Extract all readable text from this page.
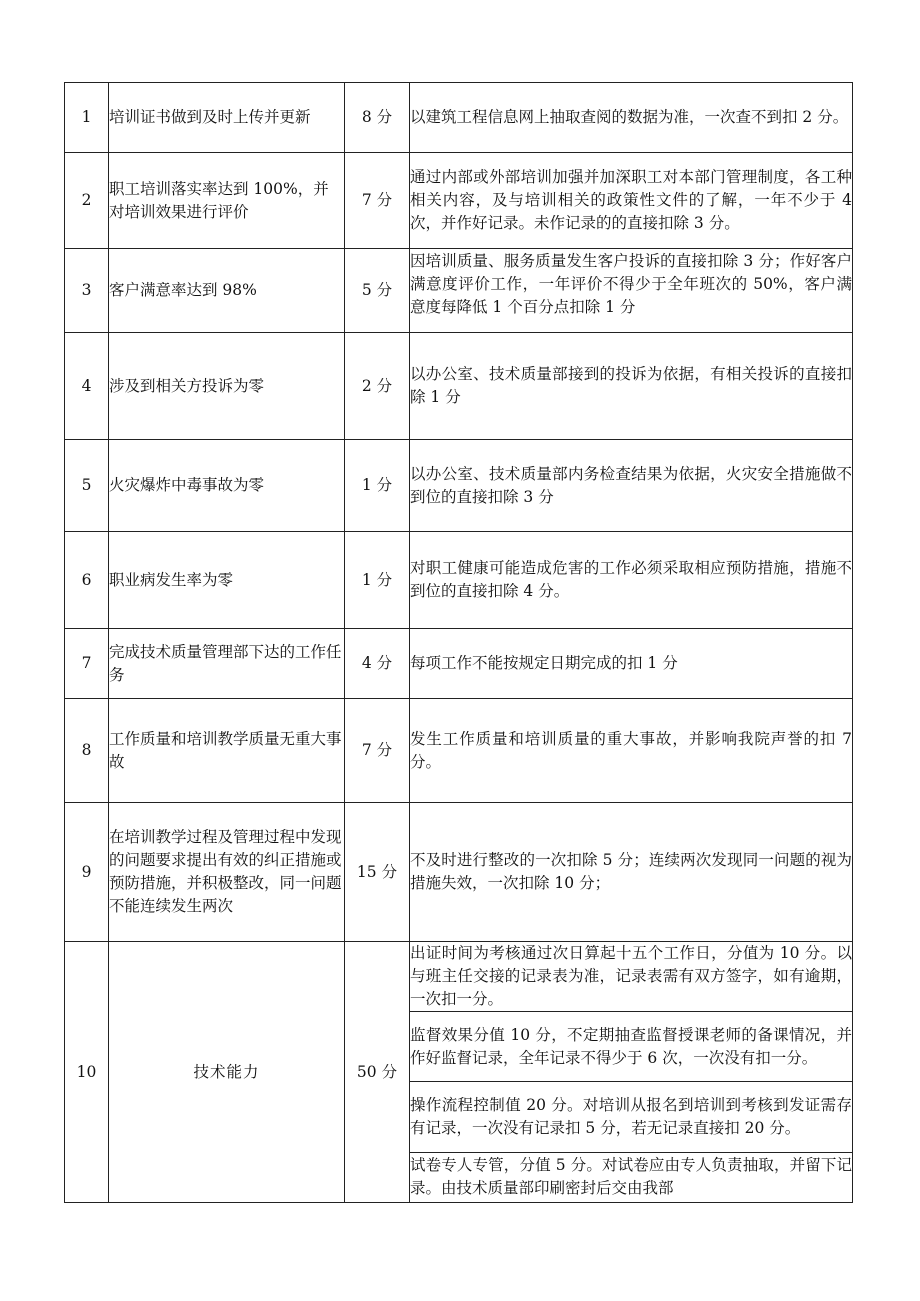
1	培训证书做到及时上传并更新	8 分	以建筑工程信息网上抽取查阅的数据为准，一次查不到扣 2 分。
2	职工培训落实率达到 100%，并对培训效果进行评价	7 分	通过内部或外部培训加强并加深职工对本部门管理制度，各工种相关内容，及与培训相关的政策性文件的了解，一年不少于 4 次，并作好记录。未作记录的的直接扣除 3 分。
3	客户满意率达到 98%	5 分	因培训质量、服务质量发生客户投诉的直接扣除 3 分；作好客户满意度评价工作，一年评价不得少于全年班次的 50%，客户满意度每降低 1 个百分点扣除 1 分

4	涉及到相关方投诉为零	2 分	以办公室、技术质量部接到的投诉为依据，有相关投诉的直接扣除 1 分
5	火灾爆炸中毒事故为零	1 分	以办公室、技术质量部内务检查结果为依据，火灾安全措施做不到位的直接扣除 3 分
6	职业病发生率为零	1 分	对职工健康可能造成危害的工作必须采取相应预防措施，措施不到位的直接扣除 4 分。
7	完成技术质量管理部下达的工作任务	4 分	每项工作不能按规定日期完成的扣 1 分
8	工作质量和培训教学质量无重大事故	7 分	发生工作质量和培训质量的重大事故，并影响我院声誉的扣 7 分。
9	在培训教学过程及管理过程中发现的问题要求提出有效的纠正措施或预防措施，并积极整改，同一问题不能连续发生两次	15 分	不及时进行整改的一次扣除 5 分；连续两次发现同一问题的视为措施失效，一次扣除 10 分；
10	技术能力	50 分	出证时间为考核通过次日算起十五个工作日，分值为 10 分。以与班主任交接的记录表为准，记录表需有双方签字，如有逾期，一次扣一分。
			监督效果分值 10 分，不定期抽查监督授课老师的备课情况，并作好监督记录，全年记录不得少于 6 次，一次没有扣一分。
			操作流程控制值 20 分。对培训从报名到培训到考核到发证需存有记录，一次没有记录扣 5 分，若无记录直接扣 20 分。

			试卷专人专管，分值 5 分。对试卷应由专人负责抽取，并留下记录。由技术质量部印刷密封后交由我部
